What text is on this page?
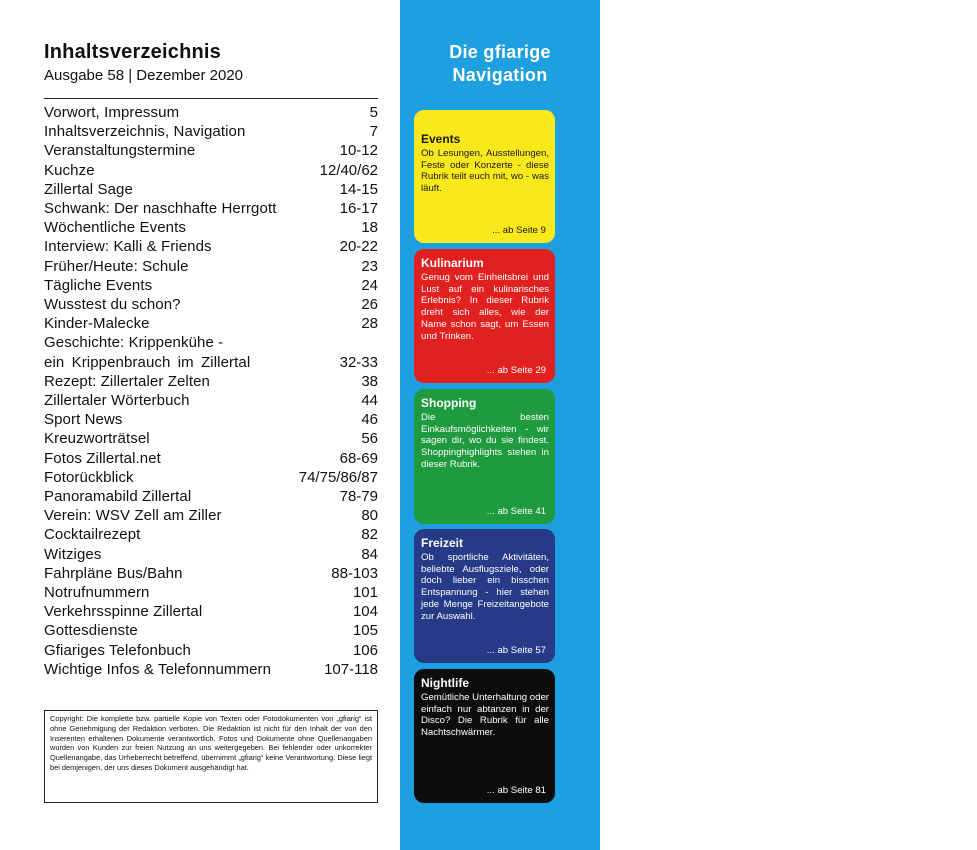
Inhaltsverzeichnis
Ausgabe 58 | Dezember 2020
Vorwort, Impressum	5
Inhaltsverzeichnis, Navigation	7
Veranstaltungstermine	10-12
Kuchze	12/40/62
Zillertal Sage	14-15
Schwank: Der naschhafte Herrgott	16-17
Wöchentliche Events	18
Interview: Kalli & Friends	20-22
Früher/Heute: Schule	23
Tägliche Events	24
Wusstest du schon?	26
Kinder-Malecke	28
Geschichte: Krippenkühe -
ein Krippenbrauch im Zillertal	32-33
Rezept: Zillertaler Zelten	38
Zillertaler Wörterbuch	44
Sport News	46
Kreuzworträtsel	56
Fotos Zillertal.net	68-69
Fotorückblick	74/75/86/87
Panoramabild Zillertal	78-79
Verein: WSV Zell am Ziller	80
Cocktailrezept	82
Witziges	84
Fahrpläne Bus/Bahn	88-103
Notrufnummern	101
Verkehrsspinne Zillertal	104
Gottesdienste	105
Gfiariges Telefonbuch	106
Wichtige Infos & Telefonnummern	107-118
Copyright: Die komplette bzw. partielle Kopie von Texten oder Fotodokumenten von „gfiarig“ ist ohne Genehmigung der Redaktion verboten. Die Redaktion ist nicht für den Inhalt der von den Inserenten erhaltenen Dokumente verantwortlich. Fotos und Dokumente ohne Quellenangaben wurden von Kunden zur freien Nutzung an uns weitergegeben. Bei fehlender oder unkorrekter Quellenangabe, das Urheberrecht betreffend, übernimmt „gfiarig“ keine Verantwortung. Diese liegt bei demjenigen, der uns dieses Dokument ausgehändigt hat.
Die gfiarige
Navigation
Events
Ob Lesungen, Ausstellungen, Feste oder Konzerte - diese Rubrik teilt euch mit, wo - was läuft.
... ab Seite 9
Kulinarium
Genug vom Einheitsbrei und Lust auf ein kulinarisches Erlebnis? In dieser Rubrik dreht sich alles, wie der Name schon sagt, um Essen und Trinken.
... ab Seite 29
Shopping
Die besten Einkaufsmöglichkeiten - wir sagen dir, wo du sie findest. Shoppinghighlights stehen in dieser Rubrik.
... ab Seite 41
Freizeit
Ob sportliche Aktivitäten, beliebte Ausflugsziele, oder doch lieber ein bisschen Entspannung - hier stehen jede Menge Freizeitangebote zur Auswahl.
... ab Seite 57
Nightlife
Gemütliche Unterhaltung oder einfach nur abtanzen in der Disco? Die Rubrik für alle Nachtschwärmer.
... ab Seite 81
7
